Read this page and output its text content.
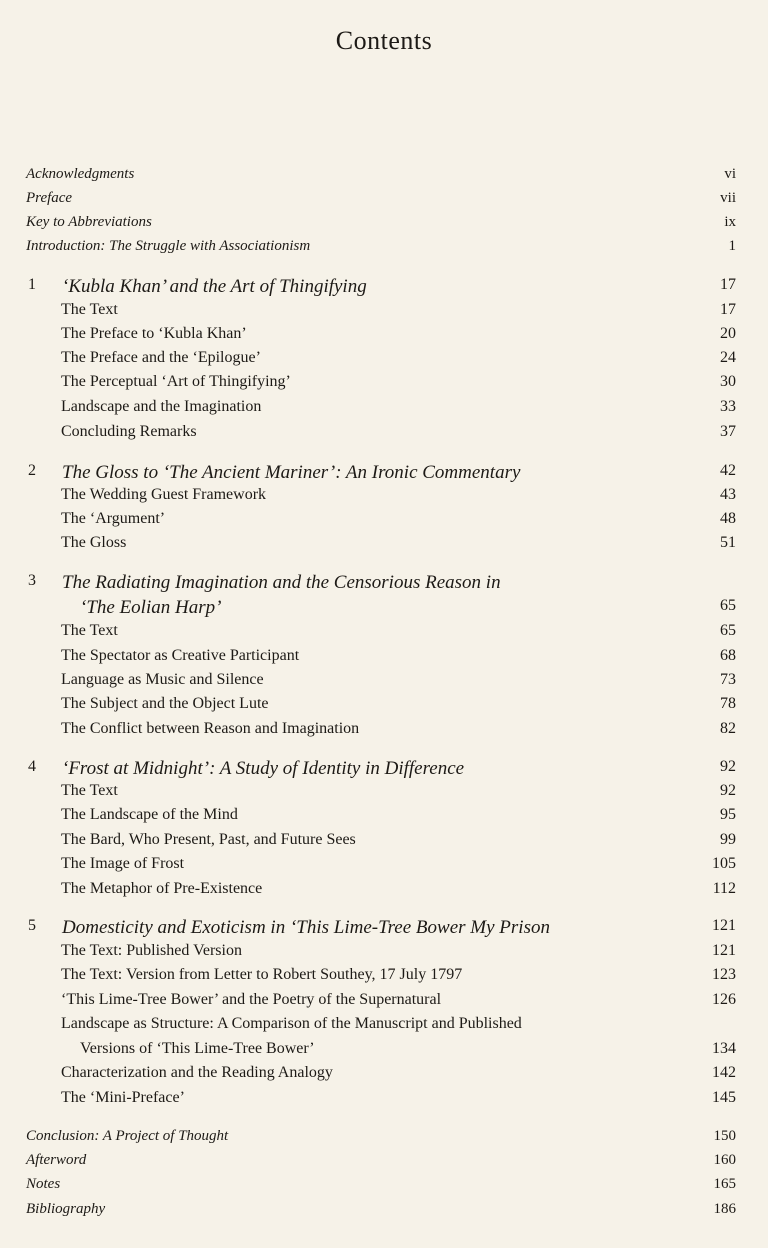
Contents
Acknowledgments	vi
Preface	vii
Key to Abbreviations	ix
Introduction: The Struggle with Associationism	1
1 ‘Kubla Khan’ and the Art of Thingifying	17
The Text	17
The Preface to ‘Kubla Khan’	20
The Preface and the ‘Epilogue’	24
The Perceptual ‘Art of Thingifying’	30
Landscape and the Imagination	33
Concluding Remarks	37
2 The Gloss to ‘The Ancient Mariner’: An Ironic Commentary	42
The Wedding Guest Framework	43
The ‘Argument’	48
The Gloss	51
3 The Radiating Imagination and the Censorious Reason in
‘The Eolian Harp’	65
The Text	65
The Spectator as Creative Participant	68
Language as Music and Silence	73
The Subject and the Object Lute	78
The Conflict between Reason and Imagination	82
4 ‘Frost at Midnight’: A Study of Identity in Difference	92
The Text	92
The Landscape of the Mind	95
The Bard, Who Present, Past, and Future Sees	99
The Image of Frost	105
The Metaphor of Pre-Existence	112
5 Domesticity and Exoticism in ‘This Lime-Tree Bower My Prison	121
The Text: Published Version	121
The Text: Version from Letter to Robert Southey, 17 July 1797	123
‘This Lime-Tree Bower’ and the Poetry of the Supernatural	126
Landscape as Structure: A Comparison of the Manuscript and Published
Versions of ‘This Lime-Tree Bower’	134
Characterization and the Reading Analogy	142
The ‘Mini-Preface’	145
Conclusion: A Project of Thought	150
Afterword	160
Notes	165
Bibliography	186
